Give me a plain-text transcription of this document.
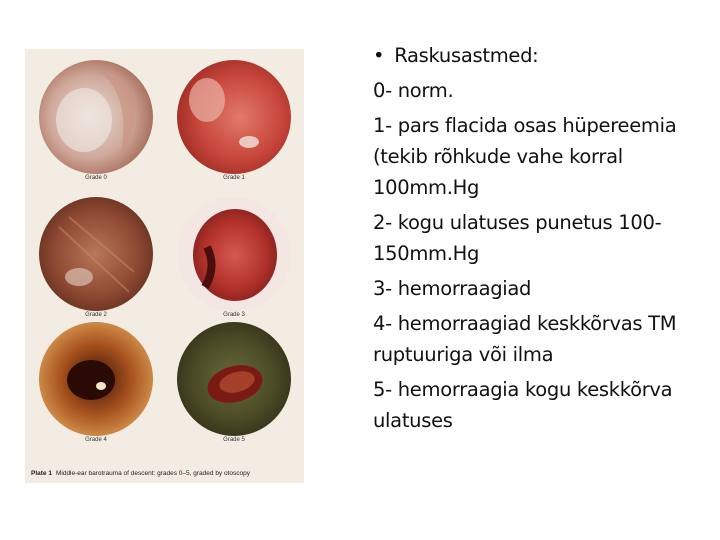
Grade 0	Grade 1
Grade 2	Grade 3
Grade 4	Grade 5
Plate 1 Middle-ear barotrauma of descent: grades 0–5, graded by otoscopy

• Raskusastmed:

0- norm.

1- pars flacida osas hüpereemia (tekib rõhkude vahe korral 100mm.Hg

2- kogu ulatuses punetus 100-150mm.Hg

3- hemorraagiad

4- hemorraagiad keskkõrvas TM ruptuuriga või ilma

5- hemorraagia kogu keskkõrva ulatuses
